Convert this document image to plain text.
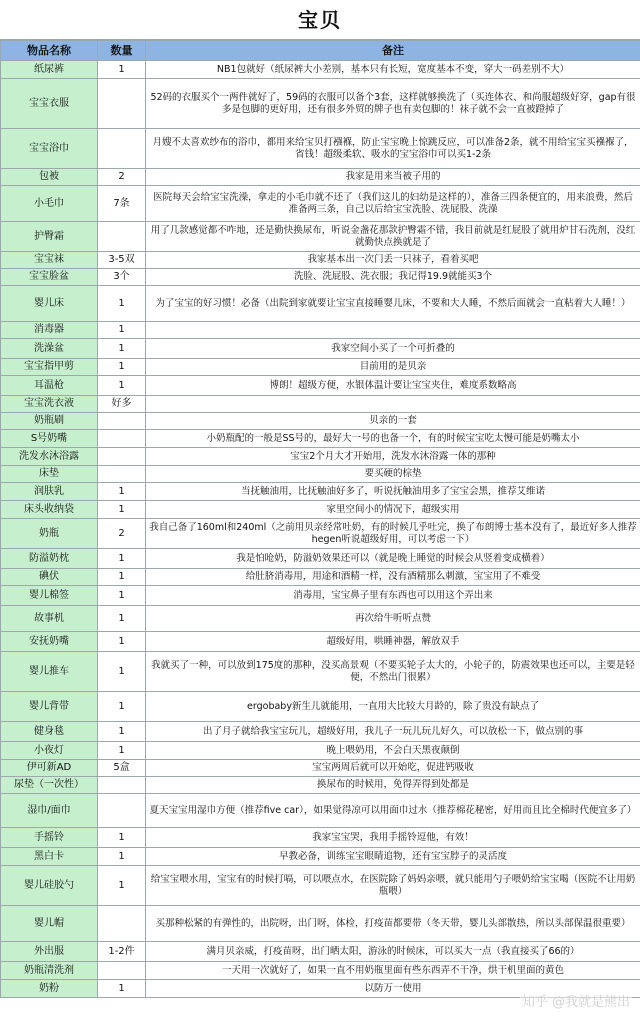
宝贝
物品名称	数量	备注
纸尿裤	1	NB1包就好（纸尿裤大小差别，基本只有长短，宽度基本不变，穿大一码差别不大）
宝宝衣服		52码的衣服买个一两件就好了，59码的衣服可以备个3套，这样就够换洗了（买连体衣、和尚服超级好穿，gap有很多是包脚的更好用，还有很多外贸的牌子也有卖包脚的！袜子就不会一直被蹬掉了
宝宝浴巾		月嫂不太喜欢纱布的浴巾，都用来给宝贝打襁褓，防止宝宝晚上惊跳反应，可以准备2条，就不用给宝宝买襁褓了，省钱！超级柔软、吸水的宝宝浴巾可以买1-2条
包被	2	我家是用来当被子用的
小毛巾	7条	医院每天会给宝宝洗澡，拿走的小毛巾就不还了（我们这儿的妇幼是这样的），准备三四条便宜的，用来浪费，然后准备两三条，自己以后给宝宝洗脸、洗屁股、洗澡
护臀霜		用了几款感觉都不咋地，还是勤快换尿布，听说金盏花那款护臀霜不错，我目前就是红屁股了就用炉甘石洗剂，没红就勤快点换就是了
宝宝袜	3-5双	我家基本出一次门丢一只袜子，看着买吧
宝宝脸盆	3个	洗脸、洗屁股、洗衣服；我记得19.9就能买3个
婴儿床	1	为了宝宝的好习惯！必备（出院到家就要让宝宝直接睡婴儿床，不要和大人睡，不然后面就会一直粘着大人睡！）
消毒器	1	
洗澡盆	1	我家空间小买了一个可折叠的
宝宝指甲剪	1	目前用的是贝亲
耳温枪	1	博朗！超级方便，水银体温计要让宝宝夹住，难度系数略高
宝宝洗衣液	好多	
奶瓶刷		贝亲的一套
S号奶嘴		小奶瓶配的一般是SS号的，最好大一号的也备一个，有的时候宝宝吃太慢可能是奶嘴太小
洗发水沐浴露		宝宝2个月大才开始用，洗发水沐浴露一体的那种
床垫		要买硬的棕垫
润肤乳	1	当抚触油用，比抚触油好多了，听说抚触油用多了宝宝会黑，推荐艾维诺
床头收纳袋	1	家里空间小的情况下，超级实用
奶瓶	2	我自己备了160ml和240ml（之前用贝亲经常吐奶，有的时候几乎吐完，换了布朗博士基本没有了，最近好多人推荐hegen听说超级好用，可以考虑一下）
防溢奶枕	1	我是怕呛奶，防溢奶效果还可以（就是晚上睡觉的时候会从竖着变成横着）
碘伏	1	给肚脐消毒用，用途和酒精一样，没有酒精那么刺激，宝宝用了不难受
婴儿棉签	1	消毒用，宝宝鼻子里有东西也可以用这个弄出来
故事机	1	再次给牛听听点赞
安抚奶嘴	1	超级好用，哄睡神器，解放双手
婴儿推车	1	我就买了一种，可以放到175度的那种，没买高景观（不要买轮子太大的，小轮子的，防震效果也还可以，主要是轻便，不然出门很累）
婴儿背带	1	ergobaby新生儿就能用，一直用大比较大月龄的，除了贵没有缺点了
健身毯	1	出了月子就给我宝宝玩儿，超级好用，我儿子一玩儿玩儿好久，可以放松一下，做点别的事
小夜灯	1	晚上喂奶用，不会白天黑夜颠倒
伊可新AD	5盒	宝宝两周后就可以开始吃，促进钙吸收
尿垫（一次性）		换尿布的时候用，免得弄得到处都是
湿巾/面巾		夏天宝宝用湿巾方便（推荐five car），如果觉得凉可以用面巾过水（推荐棉花秘密，好用而且比全棉时代便宜多了）
手摇铃	1	我家宝宝哭，我用手摇铃逗他，有效！
黑白卡	1	早教必备，训练宝宝眼睛追物，还有宝宝脖子的灵活度
婴儿硅胶勺	1	给宝宝喂水用，宝宝有的时候打嗝，可以喂点水，在医院除了妈妈亲喂，就只能用勺子喂奶给宝宝喝（医院不让用奶瓶喂）
婴儿帽		买那种松紧的有弹性的，出院呀，出门呀，体检，打疫苗都要带（冬天带，婴儿头部散热，所以头部保温很重要）
外出服	1-2件	满月贝亲威，打疫苗呀，出门晒太阳，游泳的时候床，可以买大一点（我直接买了66的）
奶瓶清洗剂		一天用一次就好了，如果一直不用奶瓶里面有些东西弄不干净，烘干机里面的黄色
奶粉	1	以防万一使用
知乎 @我就是熊出
